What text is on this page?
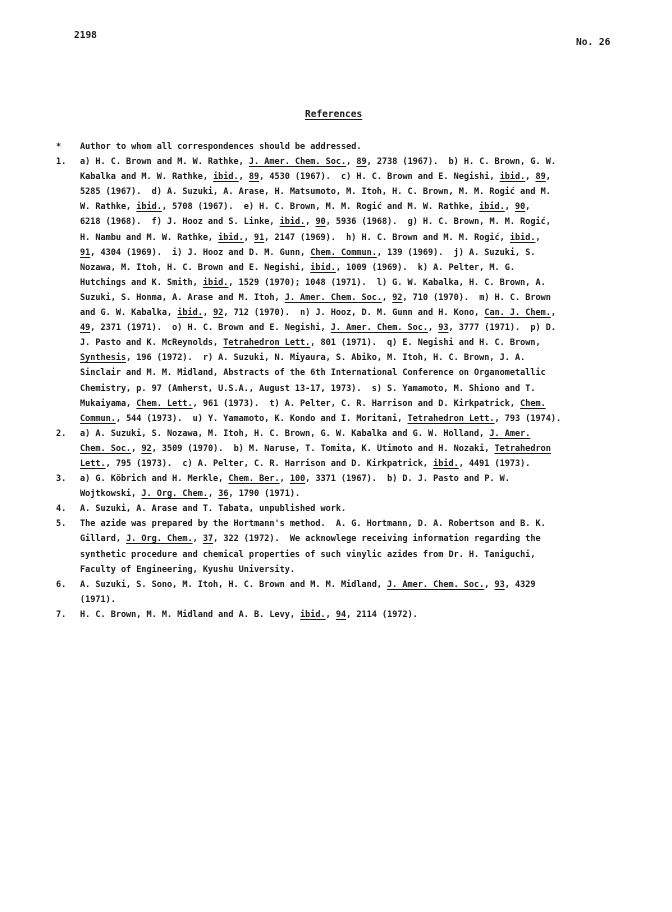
2198
No. 26
References
*	Author to whom all correspondences should be addressed.
1.	a) H. C. Brown and M. W. Rathke, J. Amer. Chem. Soc., 89, 2738 (1967).  b) H. C. Brown, G. W.
Kabalka and M. W. Rathke, ibid., 89, 4530 (1967).  c) H. C. Brown and E. Negishi, ibid., 89,
5285 (1967).  d) A. Suzuki, A. Arase, H. Matsumoto, M. Itoh, H. C. Brown, M. M. Rogić and M.
W. Rathke, ibid., 5708 (1967).  e) H. C. Brown, M. M. Rogić and M. W. Rathke, ibid., 90,
6218 (1968).  f) J. Hooz and S. Linke, ibid., 90, 5936 (1968).  g) H. C. Brown, M. M. Rogić,
H. Nambu and M. W. Rathke, ibid., 91, 2147 (1969).  h) H. C. Brown and M. M. Rogić, ibid.,
91, 4304 (1969).  i) J. Hooz and D. M. Gunn, Chem. Commun., 139 (1969).  j) A. Suzuki, S.
Nozawa, M. Itoh, H. C. Brown and E. Negishi, ibid., 1009 (1969).  k) A. Pelter, M. G.
Hutchings and K. Smith, ibid., 1529 (1970); 1048 (1971).  l) G. W. Kabalka, H. C. Brown, A.
Suzuki, S. Honma, A. Arase and M. Itoh, J. Amer. Chem. Soc., 92, 710 (1970).  m) H. C. Brown
and G. W. Kabalka, ibid., 92, 712 (1970).  n) J. Hooz, D. M. Gunn and H. Kono, Can. J. Chem.,
49, 2371 (1971).  o) H. C. Brown and E. Negishi, J. Amer. Chem. Soc., 93, 3777 (1971).  p) D.
J. Pasto and K. McReynolds, Tetrahedron Lett., 801 (1971).  q) E. Negishi and H. C. Brown,
Synthesis, 196 (1972).  r) A. Suzuki, N. Miyaura, S. Abiko, M. Itoh, H. C. Brown, J. A.
Sinclair and M. M. Midland, Abstracts of the 6th International Conference on Organometallic
Chemistry, p. 97 (Amherst, U.S.A., August 13-17, 1973).  s) S. Yamamoto, M. Shiono and T.
Mukaiyama, Chem. Lett., 961 (1973).  t) A. Pelter, C. R. Harrison and D. Kirkpatrick, Chem.
Commun., 544 (1973).  u) Y. Yamamoto, K. Kondo and I. Moritani, Tetrahedron Lett., 793 (1974).
2.	a) A. Suzuki, S. Nozawa, M. Itoh, H. C. Brown, G. W. Kabalka and G. W. Holland, J. Amer.
Chem. Soc., 92, 3509 (1970).  b) M. Naruse, T. Tomita, K. Utimoto and H. Nozaki, Tetrahedron
Lett., 795 (1973).  c) A. Pelter, C. R. Harrison and D. Kirkpatrick, ibid., 4491 (1973).
3.	a) G. Köbrich and H. Merkle, Chem. Ber., 100, 3371 (1967).  b) D. J. Pasto and P. W.
Wojtkowski, J. Org. Chem., 36, 1790 (1971).
4.	A. Suzuki, A. Arase and T. Tabata, unpublished work.
5.	The azide was prepared by the Hortmann's method.  A. G. Hortmann, D. A. Robertson and B. K.
Gillard, J. Org. Chem., 37, 322 (1972).  We acknowlege receiving information regarding the
synthetic procedure and chemical properties of such vinylic azides from Dr. H. Taniguchi,
Faculty of Engineering, Kyushu University.
6.	A. Suzuki, S. Sono, M. Itoh, H. C. Brown and M. M. Midland, J. Amer. Chem. Soc., 93, 4329
(1971).
7.	H. C. Brown, M. M. Midland and A. B. Levy, ibid., 94, 2114 (1972).
